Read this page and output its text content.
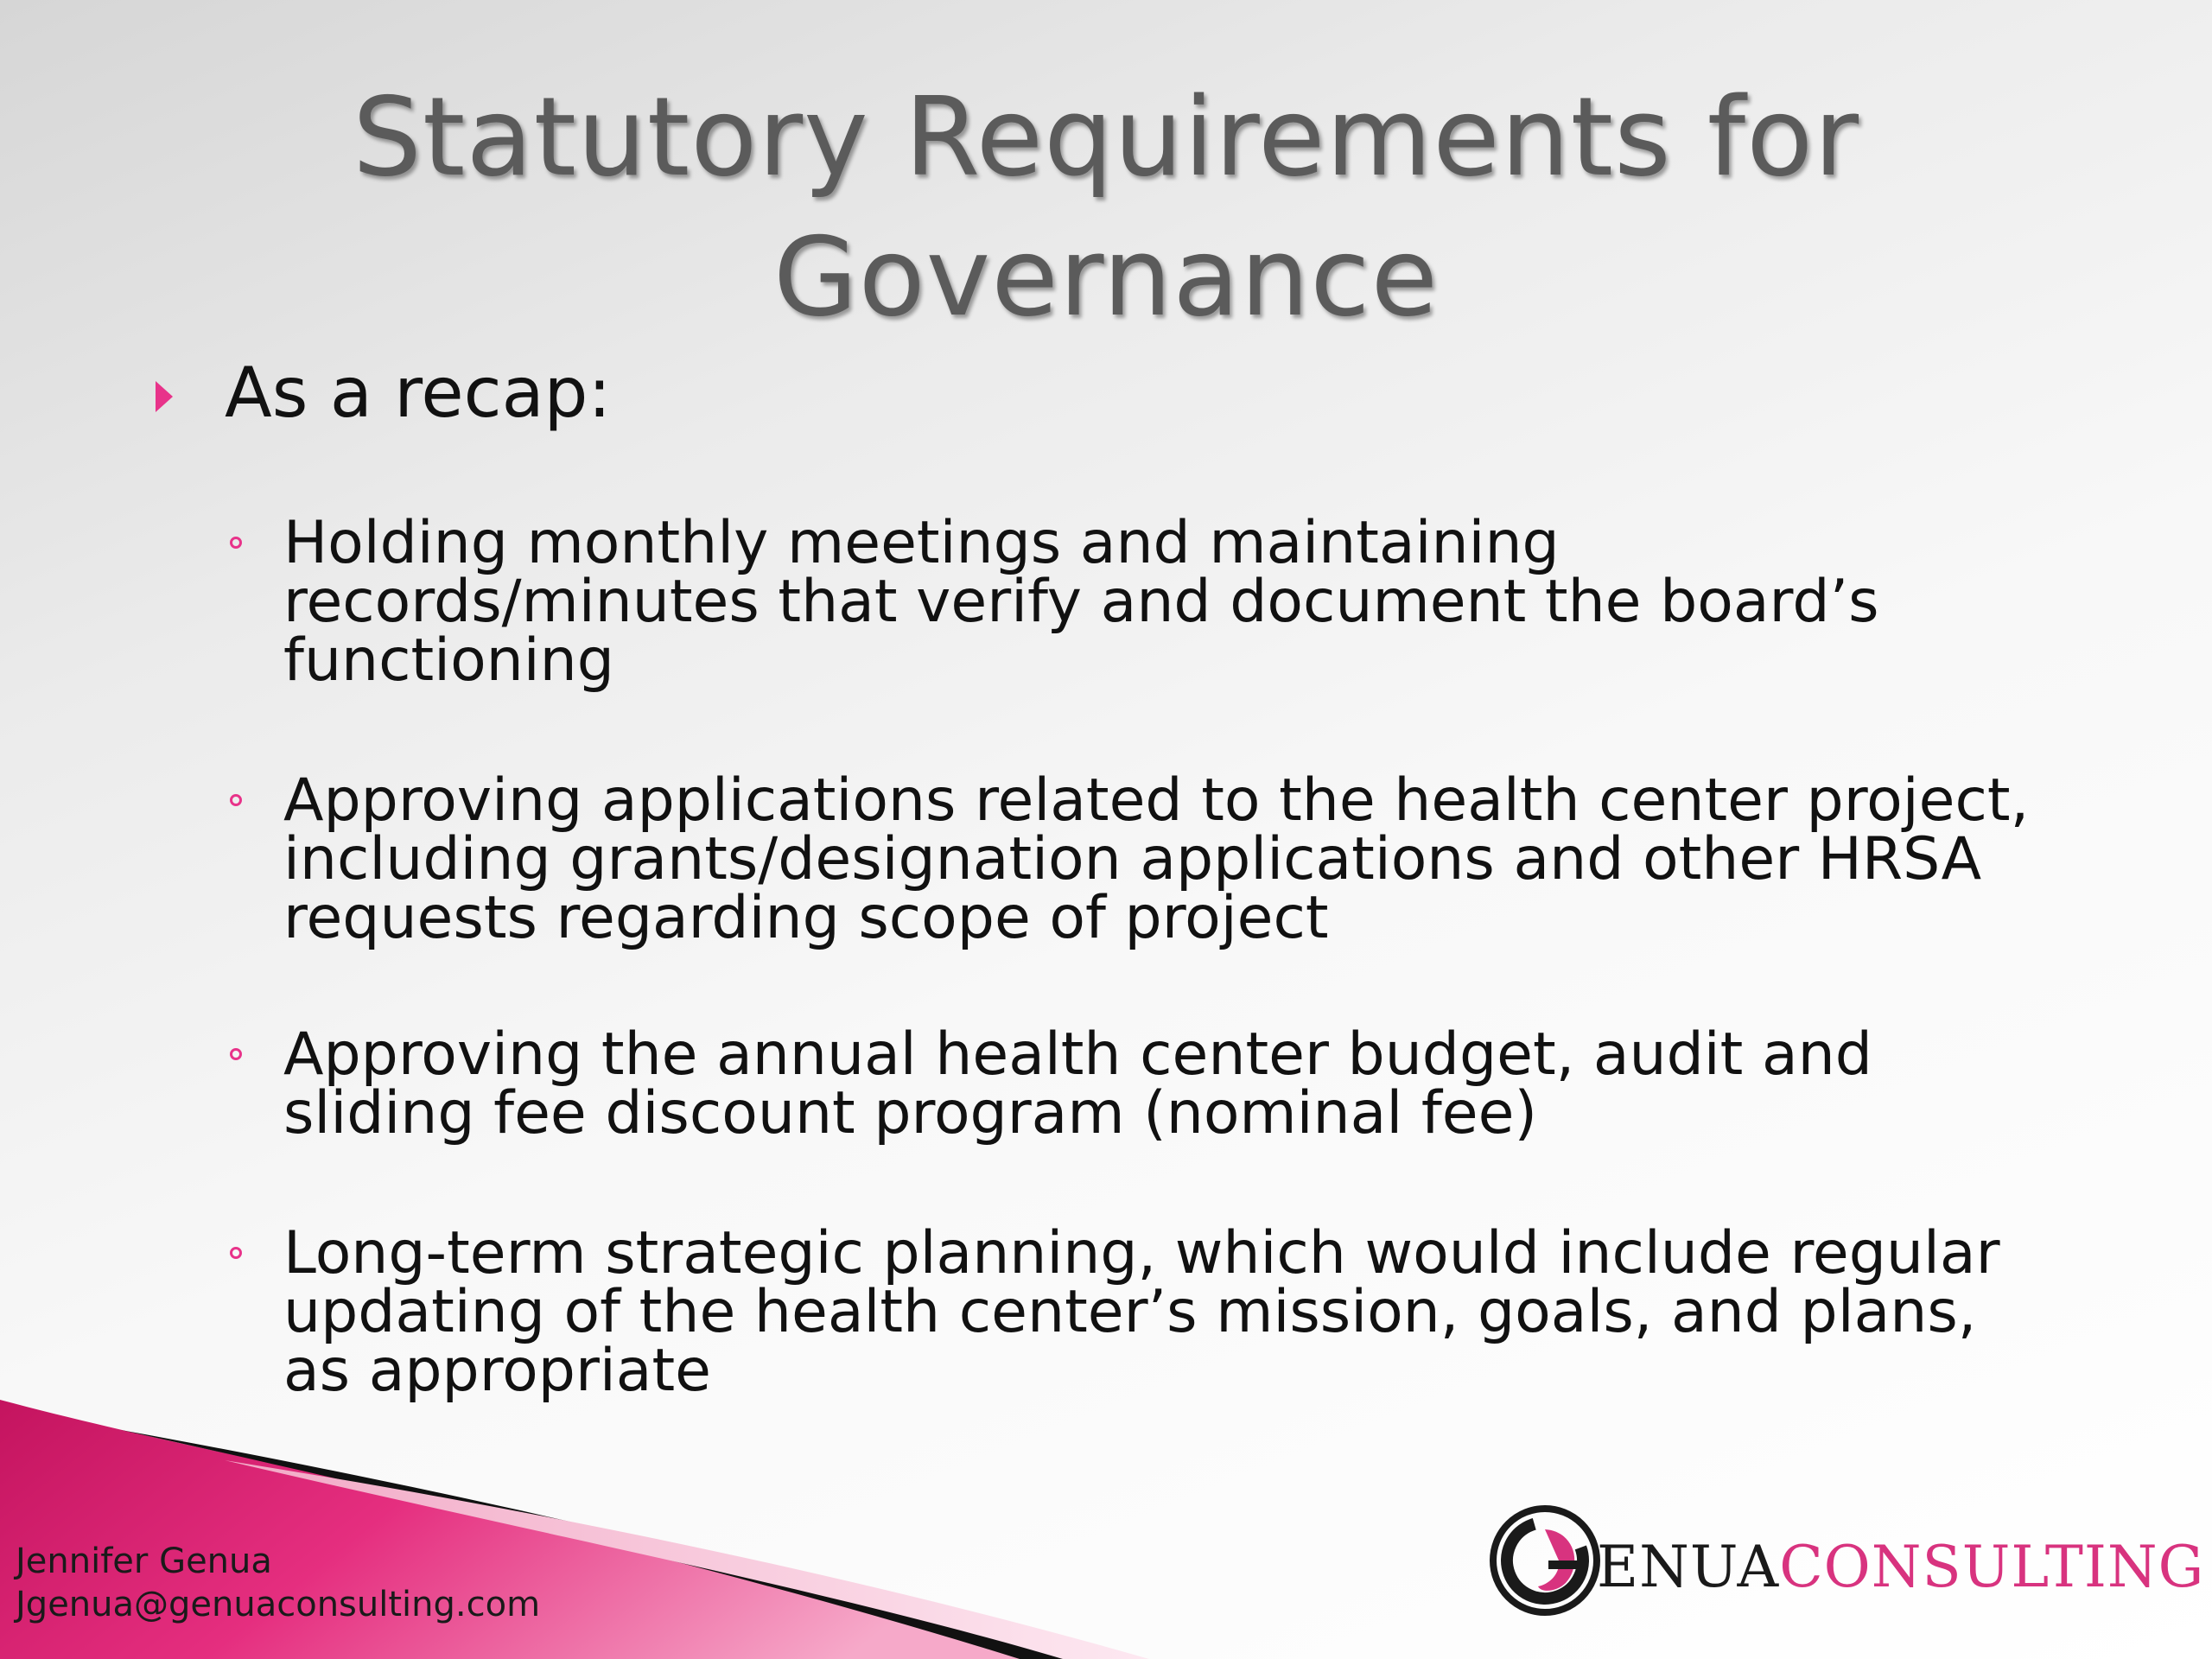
Statutory Requirements for
Governance
As a recap:
Holding monthly meetings and maintaining
records/minutes that verify and document the board’s
functioning
Approving applications related to the health center project,
including grants/designation applications and other HRSA
requests regarding scope of project
Approving the annual health center budget, audit and
sliding fee discount program (nominal fee)
Long-term strategic planning, which would include regular
updating of the health center’s mission, goals, and plans,
as appropriate
Jennifer Genua
Jgenua@genuaconsulting.com
ENUACONSULTING
